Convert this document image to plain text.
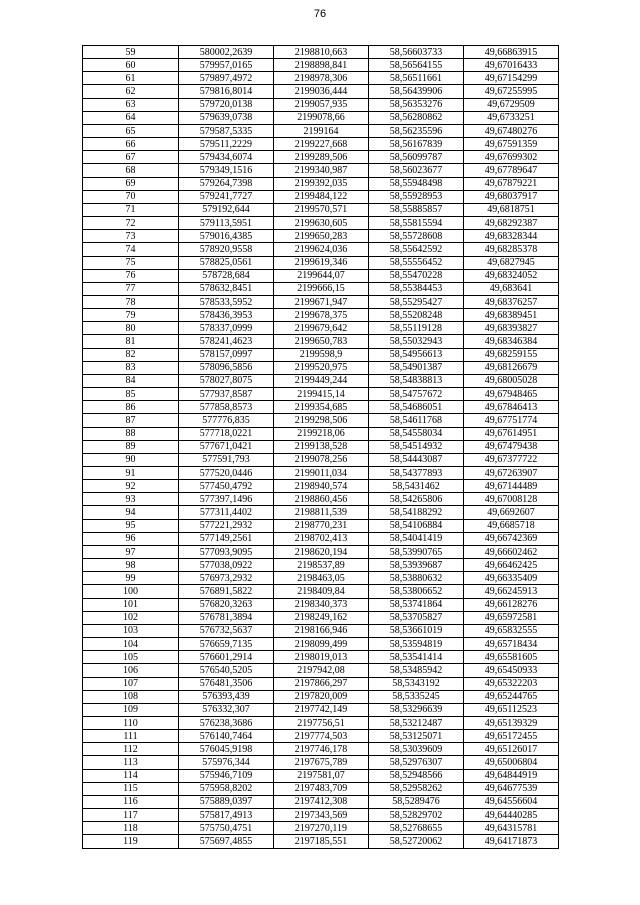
76
59	580002,2639	2198810,663	58,56603733	49,66863915
60	579957,0165	2198898,841	58,56564155	49,67016433
61	579897,4972	2198978,306	58,56511661	49,67154299
62	579816,8014	2199036,444	58,56439906	49,67255995
63	579720,0138	2199057,935	58,56353276	49,6729509
64	579639,0738	2199078,66	58,56280862	49,6733251
65	579587,5335	2199164	58,56235596	49,67480276
66	579511,2229	2199227,668	58,56167839	49,67591359
67	579434,6074	2199289,506	58,56099787	49,67699302
68	579349,1516	2199340,987	58,56023677	49,67789647
69	579264,7398	2199392,035	58,55948498	49,67879221
70	579241,7727	2199484,122	58,55928953	49,68037917
71	579192,644	2199570,571	58,55885857	49,6818751
72	579113,5951	2199630,605	58,55815594	49,68292387
73	579016,4385	2199650,283	58,55728608	49,68328344
74	578920,9558	2199624,036	58,55642592	49,68285378
75	578825,0561	2199619,346	58,55556452	49,6827945
76	578728,684	2199644,07	58,55470228	49,68324052
77	578632,8451	2199666,15	58,55384453	49,683641
78	578533,5952	2199671,947	58,55295427	49,68376257
79	578436,3953	2199678,375	58,55208248	49,68389451
80	578337,0999	2199679,642	58,55119128	49,68393827
81	578241,4623	2199650,783	58,55032943	49,68346384
82	578157,0997	2199598,9	58,54956613	49,68259155
83	578096,5856	2199520,975	58,54901387	49,68126679
84	578027,8075	2199449,244	58,54838813	49,68005028
85	577937,8587	2199415,14	58,54757672	49,67948465
86	577858,8573	2199354,685	58,54686051	49,67846413
87	577776,835	2199298,506	58,54611768	49,67751774
88	577718,0221	2199218,06	58,54558034	49,67614951
89	577671,0421	2199138,528	58,54514932	49,67479438
90	577591,793	2199078,256	58,54443087	49,67377722
91	577520,0446	2199011,034	58,54377893	49,67263907
92	577450,4792	2198940,574	58,5431462	49,67144489
93	577397,1496	2198860,456	58,54265806	49,67008128
94	577311,4402	2198811,539	58,54188292	49,6692607
95	577221,2932	2198770,231	58,54106884	49,6685718
96	577149,2561	2198702,413	58,54041419	49,66742369
97	577093,9095	2198620,194	58,53990765	49,66602462
98	577038,0922	2198537,89	58,53939687	49,66462425
99	576973,2932	2198463,05	58,53880632	49,66335409
100	576891,5822	2198409,84	58,53806652	49,66245913
101	576820,3263	2198340,373	58,53741864	49,66128276
102	576781,3894	2198249,162	58,53705827	49,65972581
103	576732,5637	2198166,946	58,53661019	49,65832555
104	576659,7135	2198099,499	58,53594819	49,65718434
105	576601,2914	2198019,013	58,53541414	49,65581605
106	576540,5205	2197942,08	58,53485942	49,65450933
107	576481,3506	2197866,297	58,5343192	49,65322203
108	576393,439	2197820,009	58,5335245	49,65244765
109	576332,307	2197742,149	58,53296639	49,65112523
110	576238,3686	2197756,51	58,53212487	49,65139329
111	576140,7464	2197774,503	58,53125071	49,65172455
112	576045,9198	2197746,178	58,53039609	49,65126017
113	575976,344	2197675,789	58,52976307	49,65006804
114	575946,7109	2197581,07	58,52948566	49,64844919
115	575958,8202	2197483,709	58,52958262	49,64677539
116	575889,0397	2197412,308	58,5289476	49,64556604
117	575817,4913	2197343,569	58,52829702	49,64440285
118	575750,4751	2197270,119	58,52768655	49,64315781
119	575697,4855	2197185,551	58,52720062	49,64171873
